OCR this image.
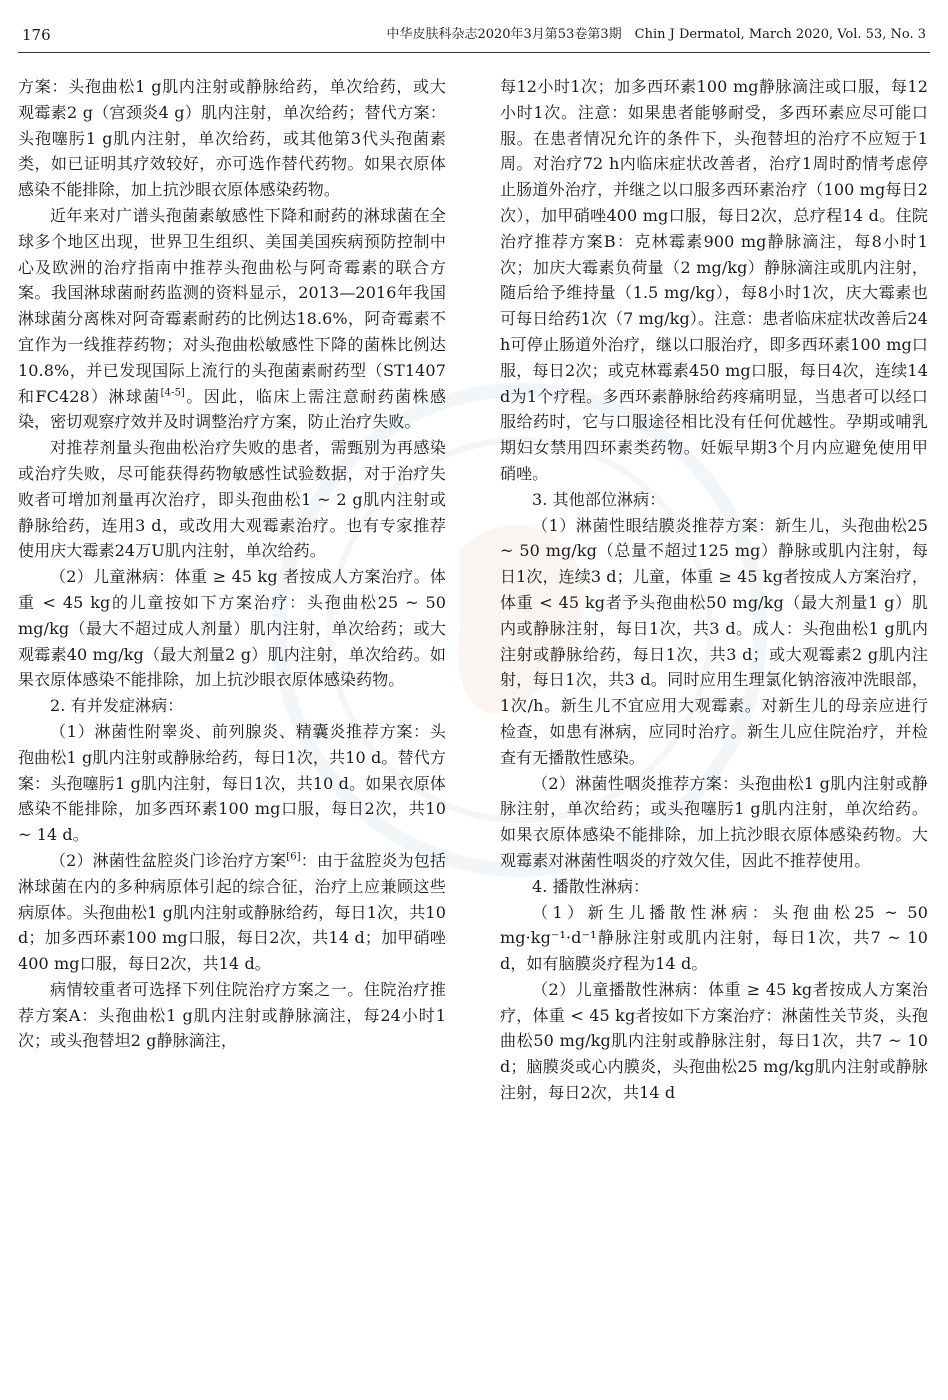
176	中华皮肤科杂志2020年3月第53卷第3期　Chin J Dermatol, March 2020, Vol. 53, No. 3

方案：头孢曲松1 g肌内注射或静脉给药，单次给药，或大观霉素2 g（宫颈炎4 g）肌内注射，单次给药；替代方案：头孢噻肟1 g肌内注射，单次给药，或其他第3代头孢菌素类，如已证明其疗效较好，亦可选作替代药物。如果衣原体感染不能排除，加上抗沙眼衣原体感染药物。

近年来对广谱头孢菌素敏感性下降和耐药的淋球菌在全球多个地区出现，世界卫生组织、美国美国疾病预防控制中心及欧洲的治疗指南中推荐头孢曲松与阿奇霉素的联合方案。我国淋球菌耐药监测的资料显示，2013—2016年我国淋球菌分离株对阿奇霉素耐药的比例达18.6%，阿奇霉素不宜作为一线推荐药物；对头孢曲松敏感性下降的菌株比例达10.8%，并已发现国际上流行的头孢菌素耐药型（ST1407和FC428）淋球菌[4-5]。因此，临床上需注意耐药菌株感染，密切观察疗效并及时调整治疗方案，防止治疗失败。

对推荐剂量头孢曲松治疗失败的患者，需甄别为再感染或治疗失败，尽可能获得药物敏感性试验数据，对于治疗失败者可增加剂量再次治疗，即头孢曲松1 ~ 2 g肌内注射或静脉给药，连用3 d，或改用大观霉素治疗。也有专家推荐使用庆大霉素24万U肌内注射，单次给药。

（2）儿童淋病：体重 ≥ 45 kg 者按成人方案治疗。体重 < 45 kg的儿童按如下方案治疗：头孢曲松25 ~ 50 mg/kg（最大不超过成人剂量）肌内注射，单次给药；或大观霉素40 mg/kg（最大剂量2 g）肌内注射，单次给药。如果衣原体感染不能排除，加上抗沙眼衣原体感染药物。

2. 有并发症淋病：

（1）淋菌性附睾炎、前列腺炎、精囊炎推荐方案：头孢曲松1 g肌内注射或静脉给药，每日1次，共10 d。替代方案：头孢噻肟1 g肌内注射，每日1次，共10 d。如果衣原体感染不能排除，加多西环素100 mg口服，每日2次，共10 ~ 14 d。

（2）淋菌性盆腔炎门诊治疗方案[6]：由于盆腔炎为包括淋球菌在内的多种病原体引起的综合征，治疗上应兼顾这些病原体。头孢曲松1 g肌内注射或静脉给药，每日1次，共10 d；加多西环素100 mg口服，每日2次，共14 d；加甲硝唑400 mg口服，每日2次，共14 d。

病情较重者可选择下列住院治疗方案之一。住院治疗推荐方案A：头孢曲松1 g肌内注射或静脉滴注，每24小时1次；或头孢替坦2 g静脉滴注，

每12小时1次；加多西环素100 mg静脉滴注或口服，每12小时1次。注意：如果患者能够耐受，多西环素应尽可能口服。在患者情况允许的条件下，头孢替坦的治疗不应短于1周。对治疗72 h内临床症状改善者，治疗1周时酌情考虑停止肠道外治疗，并继之以口服多西环素治疗（100 mg每日2次），加甲硝唑400 mg口服，每日2次，总疗程14 d。住院治疗推荐方案B：克林霉素900 mg静脉滴注，每8小时1次；加庆大霉素负荷量（2 mg/kg）静脉滴注或肌内注射，随后给予维持量（1.5 mg/kg），每8小时1次，庆大霉素也可每日给药1次（7 mg/kg）。注意：患者临床症状改善后24 h可停止肠道外治疗，继以口服治疗，即多西环素100 mg口服，每日2次；或克林霉素450 mg口服，每日4次，连续14 d为1个疗程。多西环素静脉给药疼痛明显，当患者可以经口服给药时，它与口服途径相比没有任何优越性。孕期或哺乳期妇女禁用四环素类药物。妊娠早期3个月内应避免使用甲硝唑。

3. 其他部位淋病：

（1）淋菌性眼结膜炎推荐方案：新生儿，头孢曲松25 ~ 50 mg/kg（总量不超过125 mg）静脉或肌内注射，每日1次，连续3 d；儿童，体重 ≥ 45 kg者按成人方案治疗，体重 < 45 kg者予头孢曲松50 mg/kg（最大剂量1 g）肌内或静脉注射，每日1次，共3 d。成人：头孢曲松1 g肌内注射或静脉给药，每日1次，共3 d；或大观霉素2 g肌内注射，每日1次，共3 d。同时应用生理氯化钠溶液冲洗眼部，1次/h。新生儿不宜应用大观霉素。对新生儿的母亲应进行检查，如患有淋病，应同时治疗。新生儿应住院治疗，并检查有无播散性感染。

（2）淋菌性咽炎推荐方案：头孢曲松1 g肌内注射或静脉注射，单次给药；或头孢噻肟1 g肌内注射，单次给药。如果衣原体感染不能排除，加上抗沙眼衣原体感染药物。大观霉素对淋菌性咽炎的疗效欠佳，因此不推荐使用。

4. 播散性淋病：

（1）新生儿播散性淋病：头孢曲松25 ~ 50 mg·kg⁻¹·d⁻¹静脉注射或肌内注射，每日1次，共7 ~ 10 d，如有脑膜炎疗程为14 d。

（2）儿童播散性淋病：体重 ≥ 45 kg者按成人方案治疗，体重 < 45 kg者按如下方案治疗：淋菌性关节炎，头孢曲松50 mg/kg肌内注射或静脉注射，每日1次，共7 ~ 10 d；脑膜炎或心内膜炎，头孢曲松25 mg/kg肌内注射或静脉注射，每日2次，共14 d
